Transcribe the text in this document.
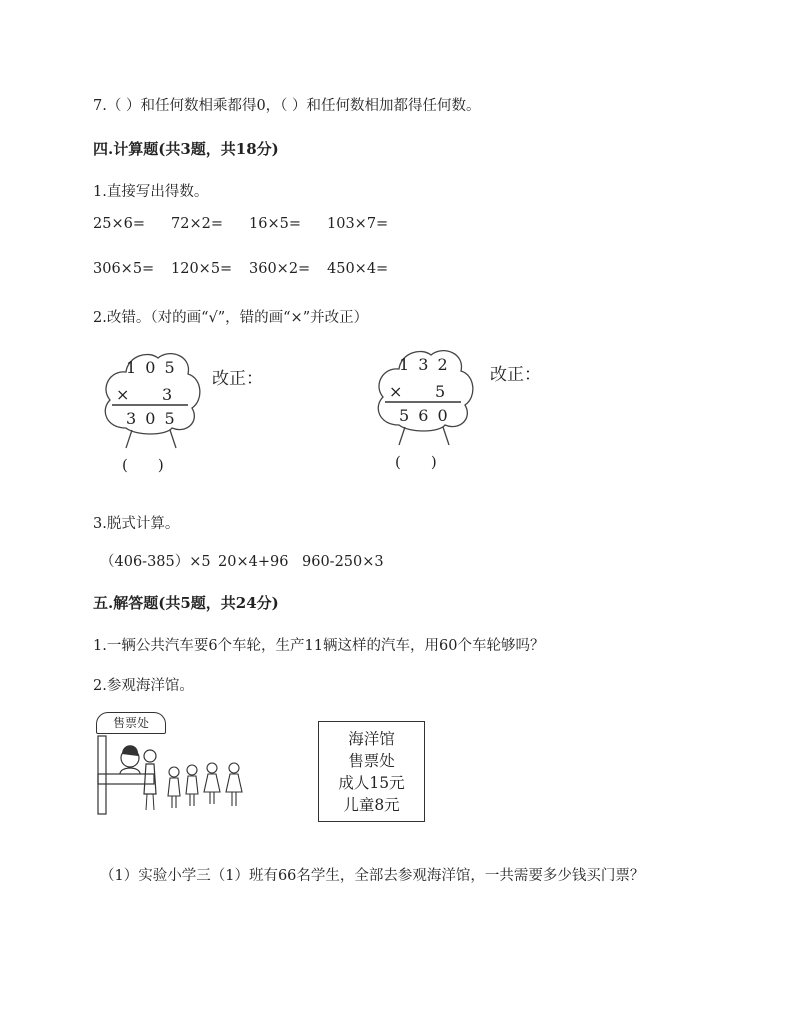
7.（ ）和任何数相乘都得0，（ ）和任何数相加都得任何数。
四.计算题(共3题，共18分)
1.直接写出得数。
25×6= 72×2= 16×5= 103×7=
306×5= 120×5= 360×2= 450×4=
2.改错。（对的画“√”，错的画“×”并改正）
1 0 5
× 3
3 0 5
(　　)
改正：
1 3 2
× 5
5 6 0
(　　)
改正：
3.脱式计算。
（406-385）×5 20×4+96 960-250×3
五.解答题(共5题，共24分)
1.一辆公共汽车要6个车轮，生产11辆这样的汽车，用60个车轮够吗？
2.参观海洋馆。
售票处
海洋馆
售票处
成人15元
儿童8元
（1）实验小学三（1）班有66名学生，全部去参观海洋馆，一共需要多少钱买门票？
